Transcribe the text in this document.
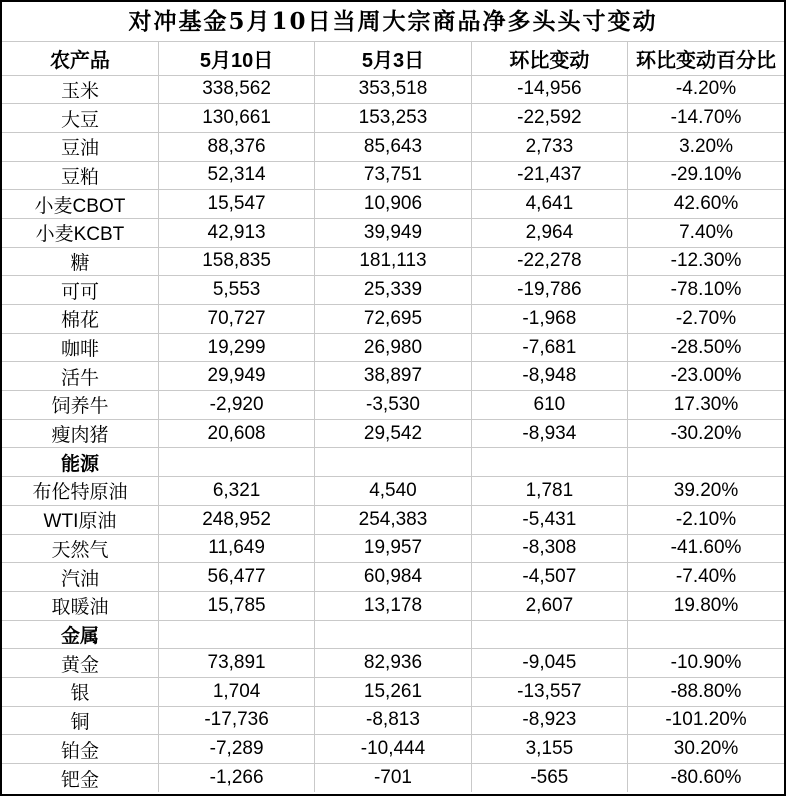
对冲基金5月10日当周大宗商品净多头头寸变动
农产品	5月10日	5月3日	环比变动	环比变动百分比
玉米	338,562	353,518	-14,956	-4.20%
大豆	130,661	153,253	-22,592	-14.70%
豆油	88,376	85,643	2,733	3.20%
豆粕	52,314	73,751	-21,437	-29.10%
小麦CBOT	15,547	10,906	4,641	42.60%
小麦KCBT	42,913	39,949	2,964	7.40%
糖	158,835	181,113	-22,278	-12.30%
可可	5,553	25,339	-19,786	-78.10%
棉花	70,727	72,695	-1,968	-2.70%
咖啡	19,299	26,980	-7,681	-28.50%
活牛	29,949	38,897	-8,948	-23.00%
饲养牛	-2,920	-3,530	610	17.30%
瘦肉猪	20,608	29,542	-8,934	-30.20%
能源				
布伦特原油	6,321	4,540	1,781	39.20%
WTI原油	248,952	254,383	-5,431	-2.10%
天然气	11,649	19,957	-8,308	-41.60%
汽油	56,477	60,984	-4,507	-7.40%
取暖油	15,785	13,178	2,607	19.80%
金属				
黄金	73,891	82,936	-9,045	-10.90%
银	1,704	15,261	-13,557	-88.80%
铜	-17,736	-8,813	-8,923	-101.20%
铂金	-7,289	-10,444	3,155	30.20%
钯金	-1,266	-701	-565	-80.60%
